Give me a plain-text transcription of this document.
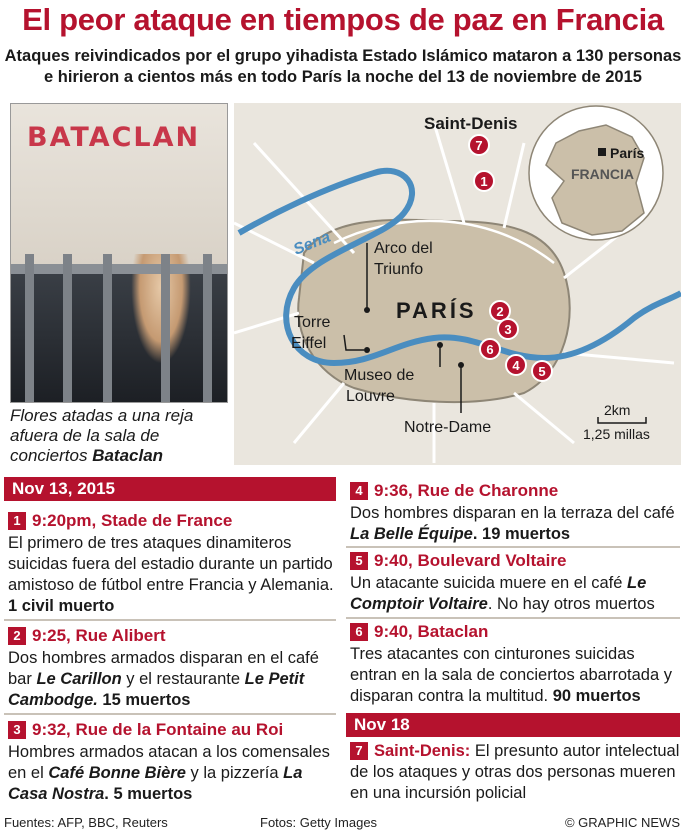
El peor ataque en tiempos de paz en Francia
Ataques reivindicados por el grupo yihadista Estado Islámico mataron a 130 personas
e hirieron a cientos más en todo París la noche del 13 de noviembre de 2015
BATACLAN
Flores atadas a una reja afuera de la sala de conciertos Bataclan
Sena
PARÍS
Saint-Denis
Arco del
Triunfo
Torre
Eiffel
Museo de
Louvre
Notre-Dame
7
1
2
3
6
4 5
París
FRANCIA
2km
1,25 millas
Nov 13, 2015
1 9:20pm, Stade de France
El primero de tres ataques dinamiteros suicidas fuera del estadio durante un partido amistoso de fútbol entre Francia y Alemania. 1 civil muerto
2 9:25, Rue Alibert
Dos hombres armados disparan en el café bar Le Carillon y el restaurante Le Petit Cambodge. 15 muertos
3 9:32, Rue de la Fontaine au Roi
Hombres armados atacan a los comensales en el Café Bonne Bière y la pizzería La Casa Nostra. 5 muertos
4 9:36, Rue de Charonne
Dos hombres disparan en la terraza del café La Belle Équipe. 19 muertos
5 9:40, Boulevard Voltaire
Un atacante suicida muere en el café Le Comptoir Voltaire. No hay otros muertos
6 9:40, Bataclan
Tres atacantes con cinturones suicidas entran en la sala de conciertos abarrotada y disparan contra la multitud. 90 muertos
Nov 18
7 Saint-Denis: El presunto autor intelectual de los ataques y otras dos personas mueren en una incursión policial
Fuentes: AFP, BBC, Reuters	Fotos: Getty Images	© GRAPHIC NEWS
